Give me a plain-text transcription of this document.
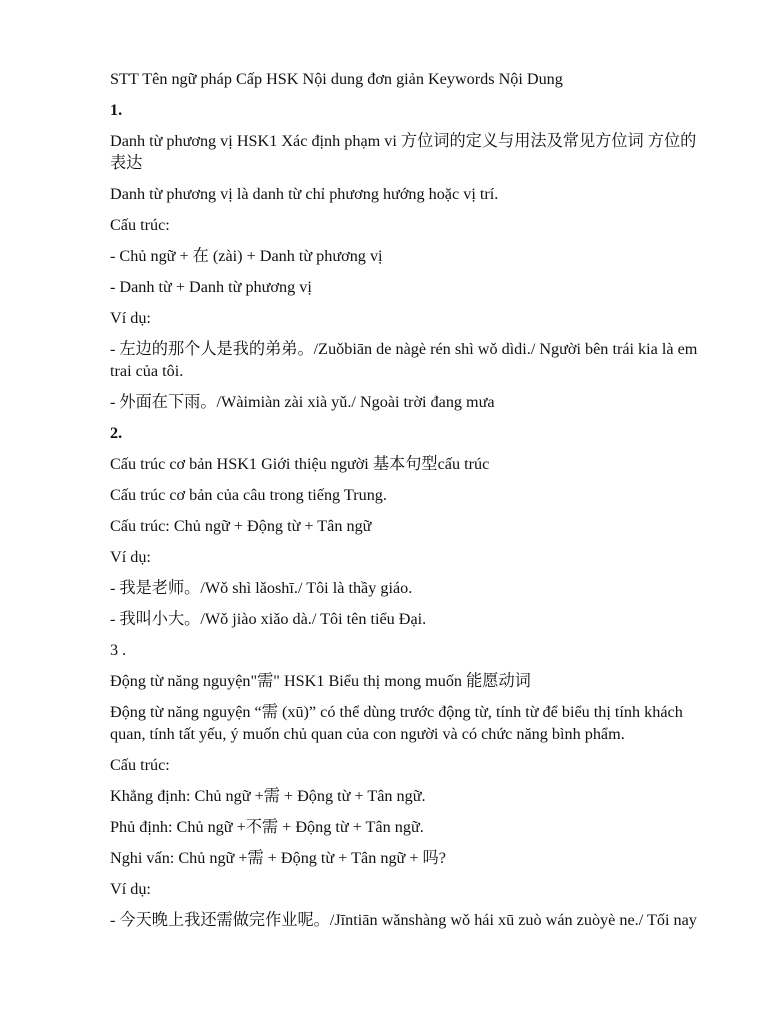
STT Tên ngữ pháp Cấp HSK Nội dung đơn giản Keywords Nội Dung
1.
Danh từ phương vị HSK1 Xác định phạm vi 方位词的定义与用法及常见方位词 方位的表达
Danh từ phương vị là danh từ chỉ phương hướng hoặc vị trí.
Cấu trúc:
- Chủ ngữ + 在 (zài) + Danh từ phương vị
- Danh từ + Danh từ phương vị
Ví dụ:
- 左边的那个人是我的弟弟。/Zuǒbiān de nàgè rén shì wǒ dìdi./ Người bên trái kia là em
trai của tôi.
- 外面在下雨。/Wàimiàn zài xià yǔ./ Ngoài trời đang mưa
2.
Cấu trúc cơ bản HSK1 Giới thiệu người 基本句型cấu trúc
Cấu trúc cơ bản của câu trong tiếng Trung.
Cấu trúc: Chủ ngữ + Động từ + Tân ngữ
Ví dụ:
- 我是老师。/Wǒ shì lǎoshī./ Tôi là thầy giáo.
- 我叫小大。/Wǒ jiào xiǎo dà./ Tôi tên tiểu Đại.
3 .
Động từ năng nguyện"需" HSK1 Biểu thị mong muốn 能愿动词
Động từ năng nguyện “需 (xū)” có thể dùng trước động từ, tính từ để biểu thị tính khách
quan, tính tất yếu, ý muốn chủ quan của con người và có chức năng bình phẩm.
Cấu trúc:
Khẳng định: Chủ ngữ +需 + Động từ + Tân ngữ.
Phủ định: Chủ ngữ +不需 + Động từ + Tân ngữ.
Nghi vấn: Chủ ngữ +需 + Động từ + Tân ngữ + 吗?
Ví dụ:
- 今天晚上我还需做完作业呢。/Jīntiān wǎnshàng wǒ hái xū zuò wán zuòyè ne./ Tối nay
